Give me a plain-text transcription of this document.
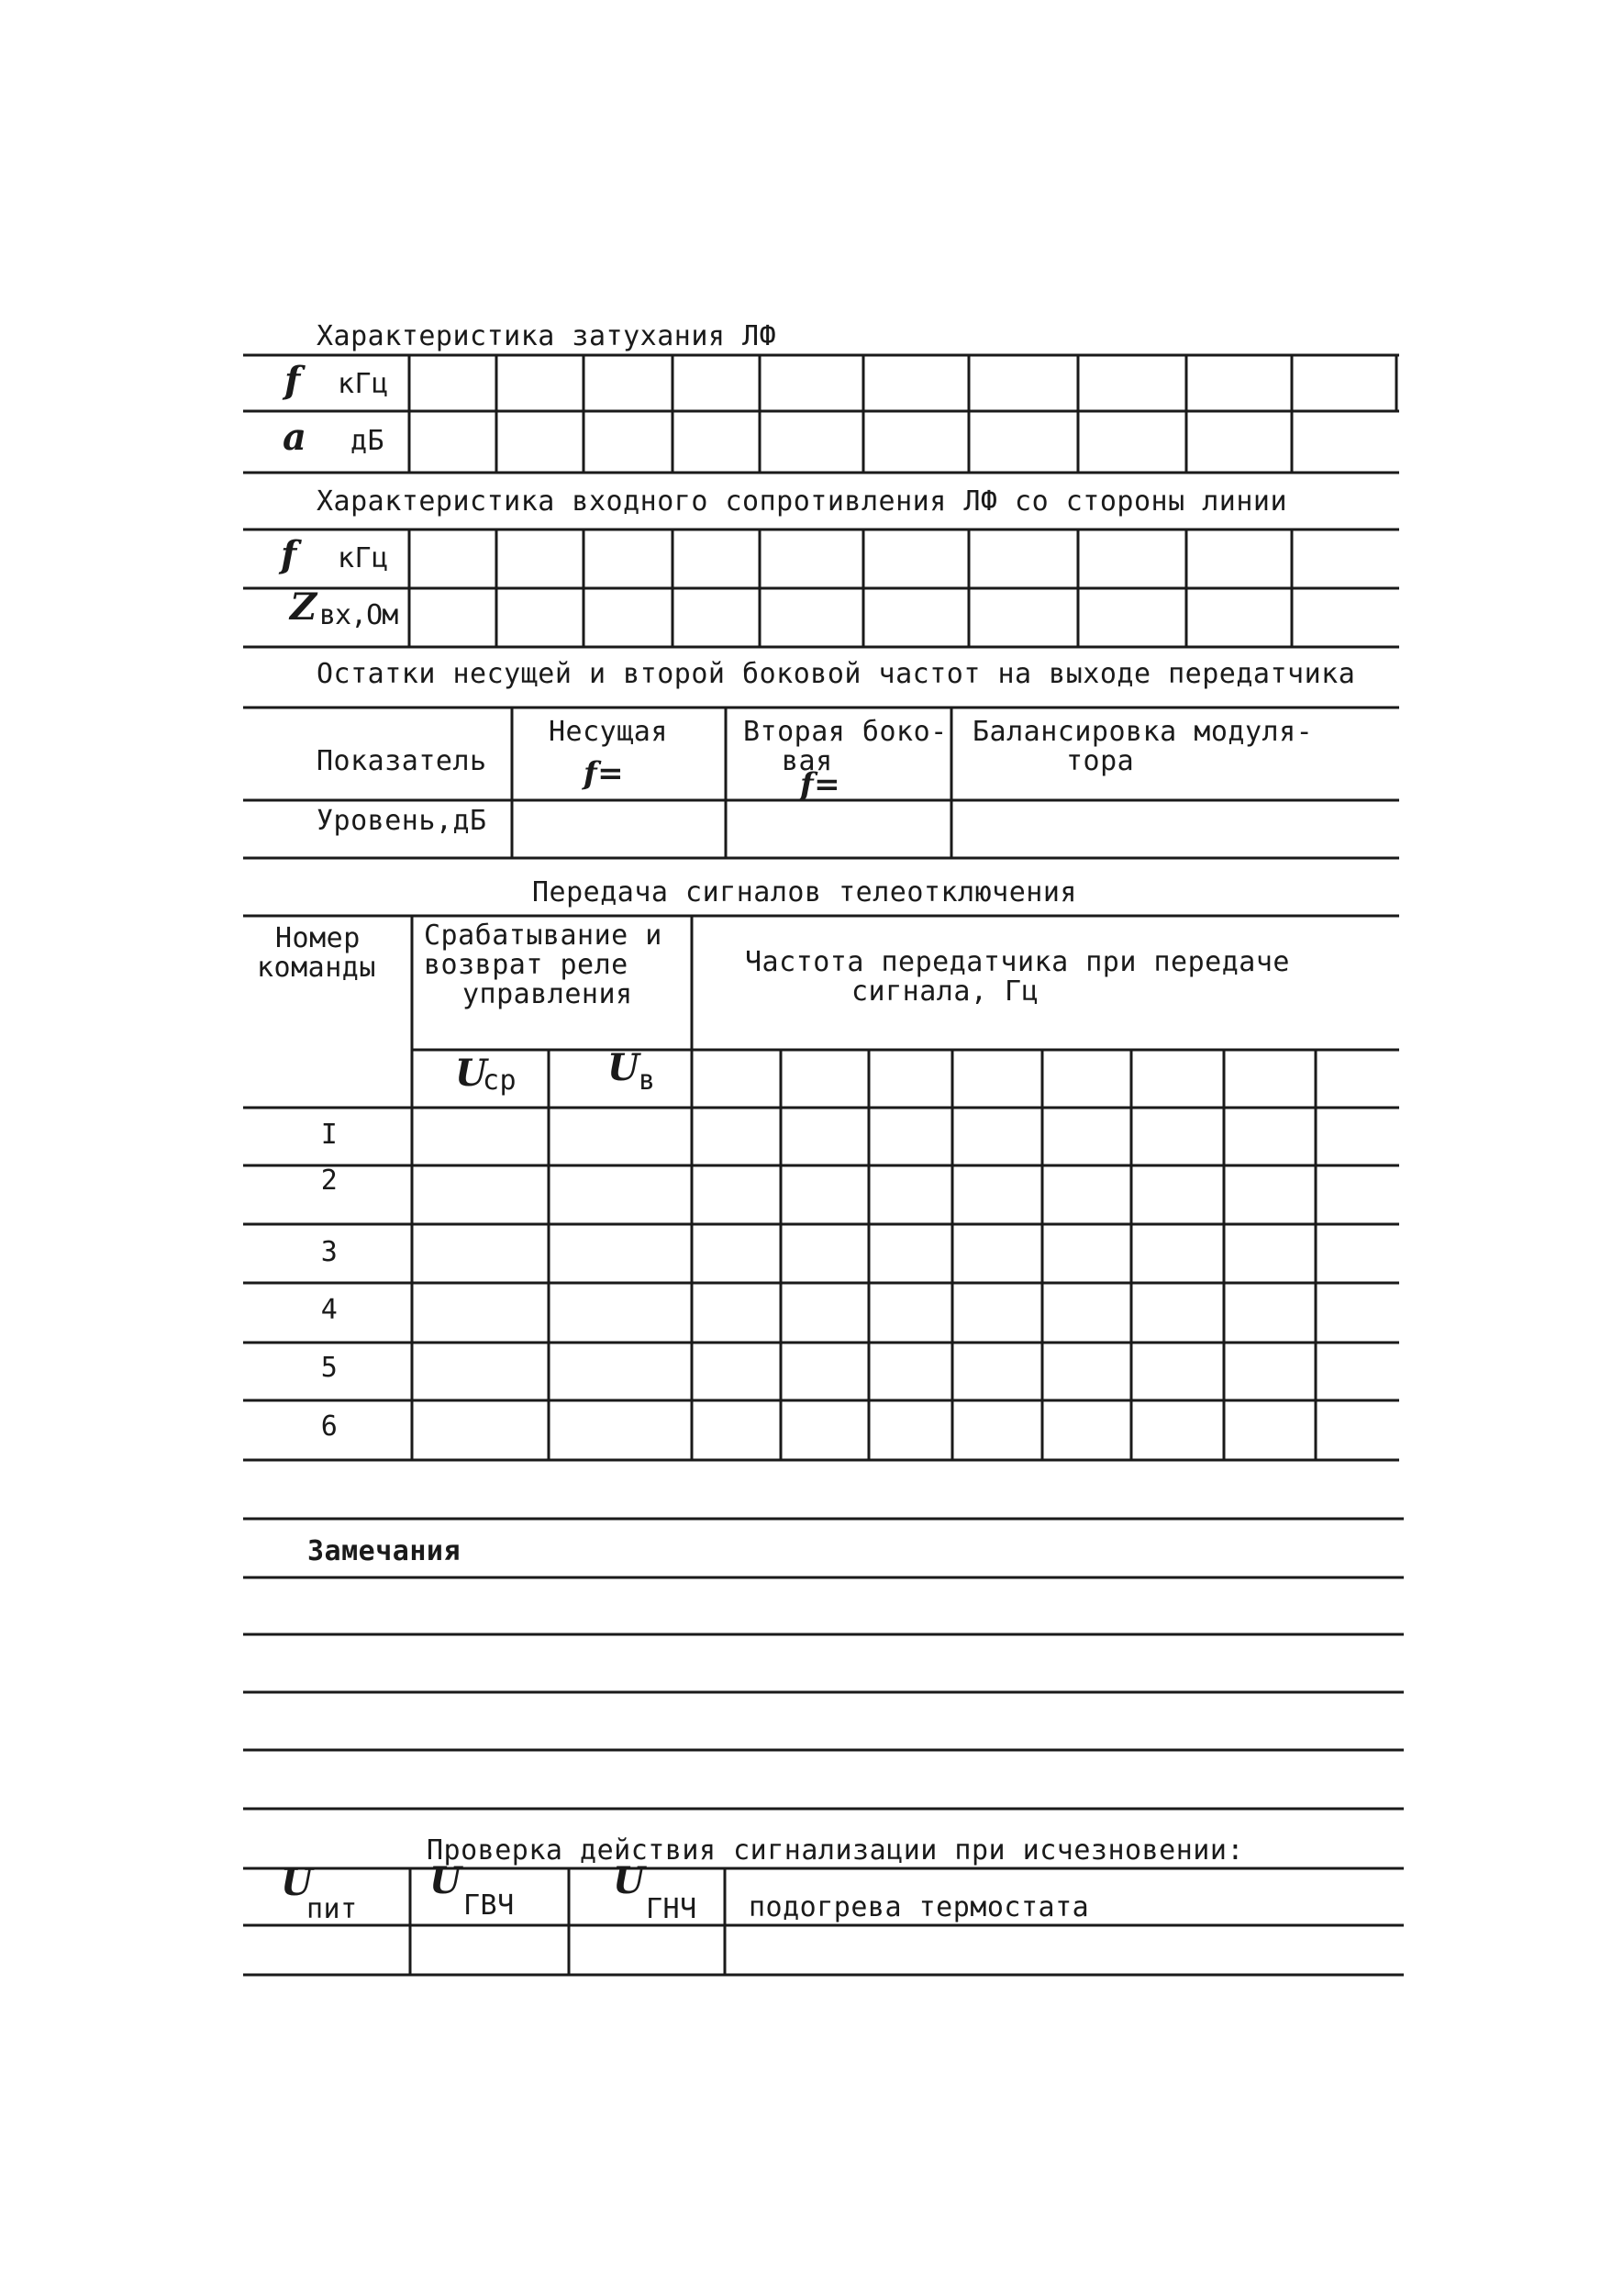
Характеристика затухания ЛФ
f кГц
a дБ
Характеристика входного сопротивления ЛФ со стороны линии
f кГц
Z вх,Ом
Остатки несущей и второй боковой частот на выходе передатчика
Показатель
Несущая
f=
Вторая боко-
вая
f=
Балансировка модуля-
тора
Уровень,дБ
Передача сигналов телеотключения
Номер
команды
Срабатывание и
возврат реле
управления
Частота передатчика при передаче
сигнала, Гц
U
ср U
в
I
2
3
4
5
6
Замечания
Проверка действия сигнализации при исчезновении:
U
пит
U
ГВЧ
U
ГНЧ подогрева термостата
